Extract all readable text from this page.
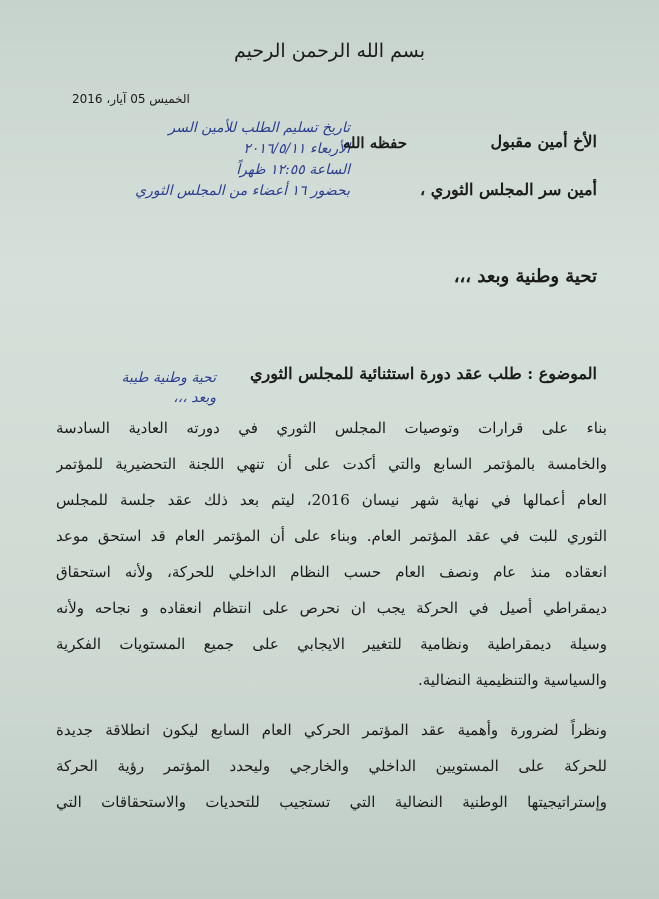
بسم الله الرحمن الرحيم
الخميس 05 آيار، 2016
تاريخ تسليم الطلب للأمين السر
الأربعاء ٢٠١٦/٥/١١
الساعة ١٢:٥٥ ظهراً
بحضور ١٦ أعضاء من المجلس الثوري
الأخ أمين مقبول
حفظه الله
أمين سر المجلس الثوري ،
تحية وطنية وبعد ،،،
تحية وطنية طيبة
وبعد ،،،
الموضوع : طلب عقد دورة استثنائية للمجلس الثوري
بناء على قرارات وتوصيات المجلس الثوري في دورته العادية السادسة
والخامسة بالمؤتمر السابع والتي أكدت على أن تنهي اللجنة التحضيرية للمؤتمر
العام أعمالها في نهاية شهر نيسان 2016، ليتم بعد ذلك عقد جلسة للمجلس
الثوري للبت في عقد المؤتمر العام. وبناء على أن المؤتمر العام قد استحق موعد
انعقاده منذ عام ونصف العام حسب النظام الداخلي للحركة، ولأنه استحقاق
ديمقراطي أصيل في الحركة يجب ان نحرص على انتظام انعقاده و نجاحه ولأنه
وسيلة ديمقراطية ونظامية للتغيير الايجابي على جميع المستويات الفكرية
والسياسية والتنظيمية النضالية.
ونظراً لضرورة وأهمية عقد المؤتمر الحركي العام السابع ليكون انطلاقة جديدة
للحركة على المستويين الداخلي والخارجي وليحدد المؤتمر رؤية الحركة
وإستراتيجيتها الوطنية النضالية التي تستجيب للتحديات والاستحقاقات التي
